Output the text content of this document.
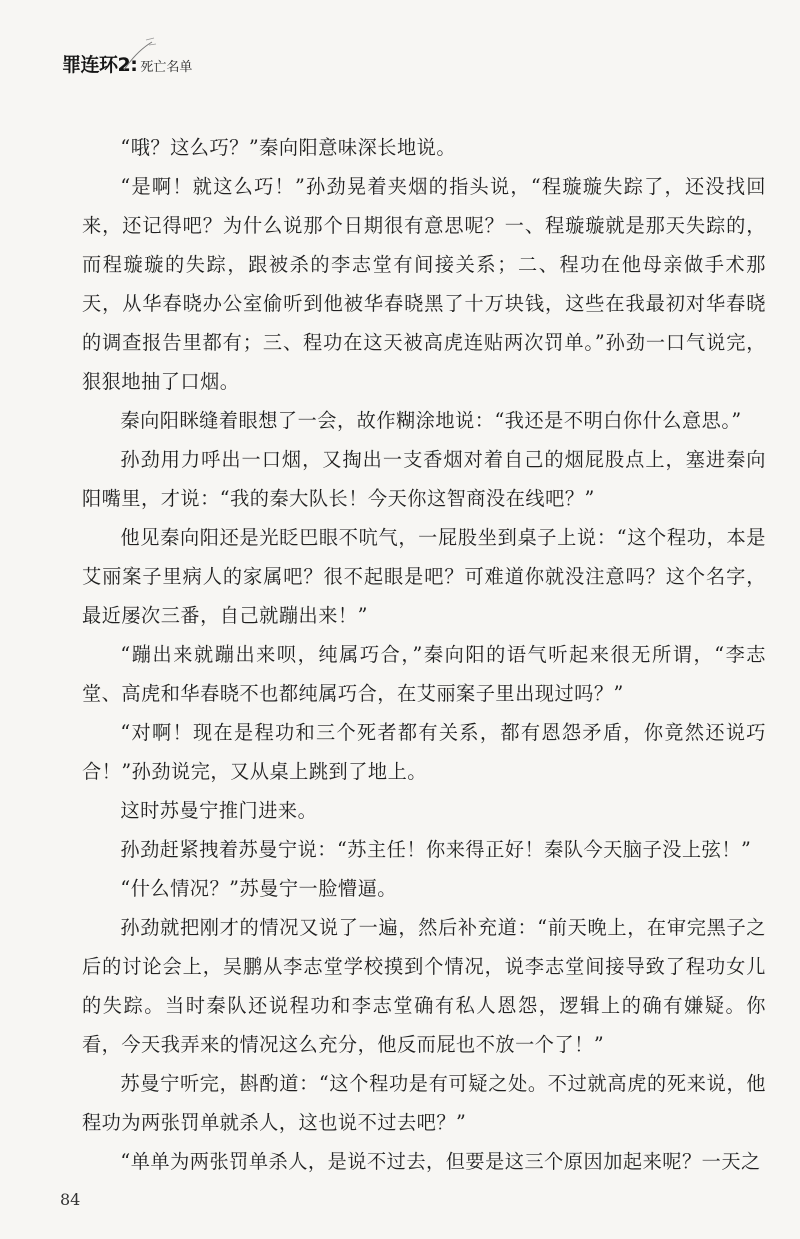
罪连环2: 死亡名单

“哦？这么巧？”秦向阳意味深长地说。

“是啊！就这么巧！”孙劲晃着夹烟的指头说，“程璇璇失踪了，还没找回来，还记得吧？为什么说那个日期很有意思呢？一、程璇璇就是那天失踪的，而程璇璇的失踪，跟被杀的李志堂有间接关系；二、程功在他母亲做手术那天，从华春晓办公室偷听到他被华春晓黑了十万块钱，这些在我最初对华春晓的调查报告里都有；三、程功在这天被高虎连贴两次罚单。”孙劲一口气说完，狠狠地抽了口烟。

秦向阳眯缝着眼想了一会，故作糊涂地说：“我还是不明白你什么意思。”

孙劲用力呼出一口烟，又掏出一支香烟对着自己的烟屁股点上，塞进秦向阳嘴里，才说：“我的秦大队长！今天你这智商没在线吧？”

他见秦向阳还是光眨巴眼不吭气，一屁股坐到桌子上说：“这个程功，本是艾丽案子里病人的家属吧？很不起眼是吧？可难道你就没注意吗？这个名字，最近屡次三番，自己就蹦出来！”

“蹦出来就蹦出来呗，纯属巧合，”秦向阳的语气听起来很无所谓，“李志堂、高虎和华春晓不也都纯属巧合，在艾丽案子里出现过吗？”

“对啊！现在是程功和三个死者都有关系，都有恩怨矛盾，你竟然还说巧合！”孙劲说完，又从桌上跳到了地上。

这时苏曼宁推门进来。

孙劲赶紧拽着苏曼宁说：“苏主任！你来得正好！秦队今天脑子没上弦！”

“什么情况？”苏曼宁一脸懵逼。

孙劲就把刚才的情况又说了一遍，然后补充道：“前天晚上，在审完黑子之后的讨论会上，吴鹏从李志堂学校摸到个情况，说李志堂间接导致了程功女儿的失踪。当时秦队还说程功和李志堂确有私人恩怨，逻辑上的确有嫌疑。你看，今天我弄来的情况这么充分，他反而屁也不放一个了！”

苏曼宁听完，斟酌道：“这个程功是有可疑之处。不过就高虎的死来说，他程功为两张罚单就杀人，这也说不过去吧？”

“单单为两张罚单杀人，是说不过去，但要是这三个原因加起来呢？一天之

84
